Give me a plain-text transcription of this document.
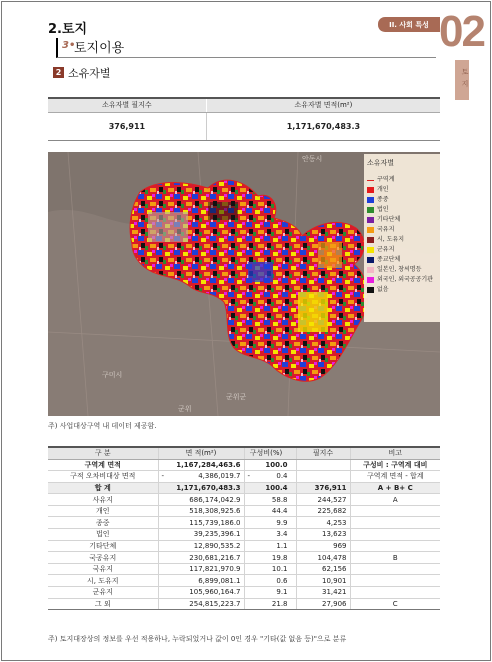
2.토지	II. 사회 특성 02
토지
3•
토지이용
2 소유자별
소유자별 필지수	소유자별 면적(m²)
376,911	1,171,670,483.3
안동시
구미시
군위군
군위
소유자별
구역계
개인
종중
법인
기타단체
국유지
시, 도유지
군유지
종교단체
일본인, 창씨명등
외국인, 외국공공기관
없음
주) 사업대상구역 내 데이터 제공함.
구 분	면 적(m²)	구성비(%)	필지수	비고
구역계 면적	1,167,284,463.6	100.0		구성비 : 구역계 대비
구적 오차비대상 면적	- 4,386,019.7	- 0.4		구역계 면적 - 합계
합 계	1,171,670,483.3	100.4	376,911	A + B+ C
사유지	686,174,042.9	58.8	244,527	A
개인	518,308,925.6	44.4	225,682	
종중	115,739,186.0	9.9	4,253	
법인	39,235,396.1	3.4	13,623	
기타단체	12,890,535.2	1.1	969	
국공유지	230,681,216.7	19.8	104,478	B
국유지	117,821,970.9	10.1	62,156	
시, 도유지	6,899,081.1	0.6	10,901	
군유지	105,960,164.7	9.1	31,421	
그 외	254,815,223.7	21.8	27,906	C
주) 토지대장상의 정보를 우선 적용하나, 누락되었거나 값이 0인 경우 "기타(값 없음 등)"으로 분류
